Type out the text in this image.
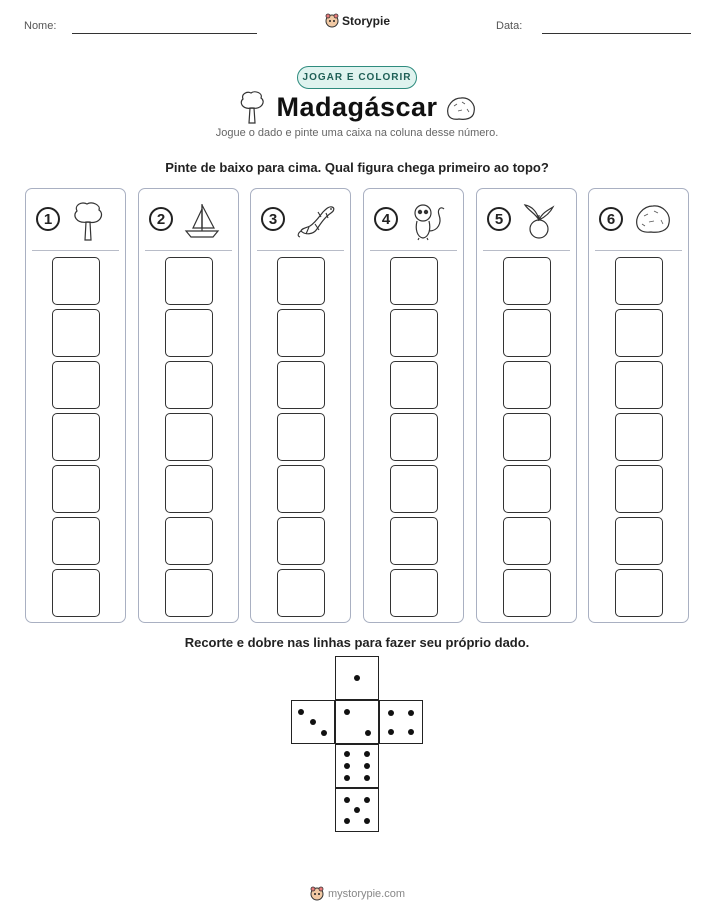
Nome:	Storypie	Data:
JOGAR E COLORIR
Madagáscar
Jogue o dado e pinte uma caixa na coluna desse número.
Pinte de baixo para cima. Qual figura chega primeiro ao topo?
1	2	3	4	5	6
Recorte e dobre nas linhas para fazer seu próprio dado.
mystorypie.com
